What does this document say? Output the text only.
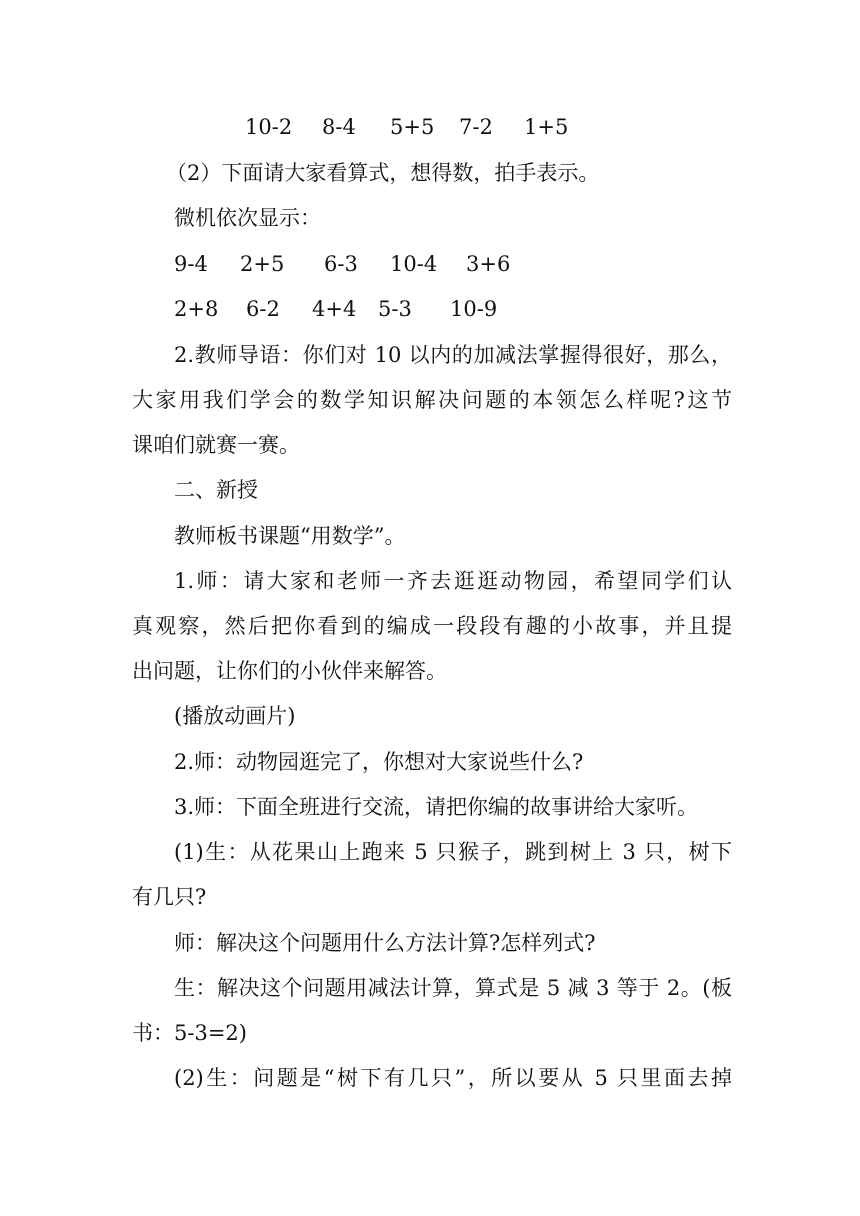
10-2 8-4 5+5 7-2 1+5
（2）下面请大家看算式，想得数，拍手表示。
微机依次显示：
9-4 2+5 6-3 10-4 3+6
2+8 6-2 4+4 5-3 10-9
2.教师导语：你们对 10 以内的加减法掌握得很好，那么，
大家用我们学会的数学知识解决问题的本领怎么样呢?这节
课咱们就赛一赛。
二、新授
教师板书课题“用数学”。
1.师：请大家和老师一齐去逛逛动物园，希望同学们认
真观察，然后把你看到的编成一段段有趣的小故事，并且提
出问题，让你们的小伙伴来解答。
(播放动画片)
2.师：动物园逛完了，你想对大家说些什么?
3.师：下面全班进行交流，请把你编的故事讲给大家听。
(1)生：从花果山上跑来 5 只猴子，跳到树上 3 只，树下
有几只?
师：解决这个问题用什么方法计算?怎样列式?
生：解决这个问题用减法计算，算式是 5 减 3 等于 2。(板
书：5-3=2)
(2)生：问题是“树下有几只”，所以要从 5 只里面去掉
